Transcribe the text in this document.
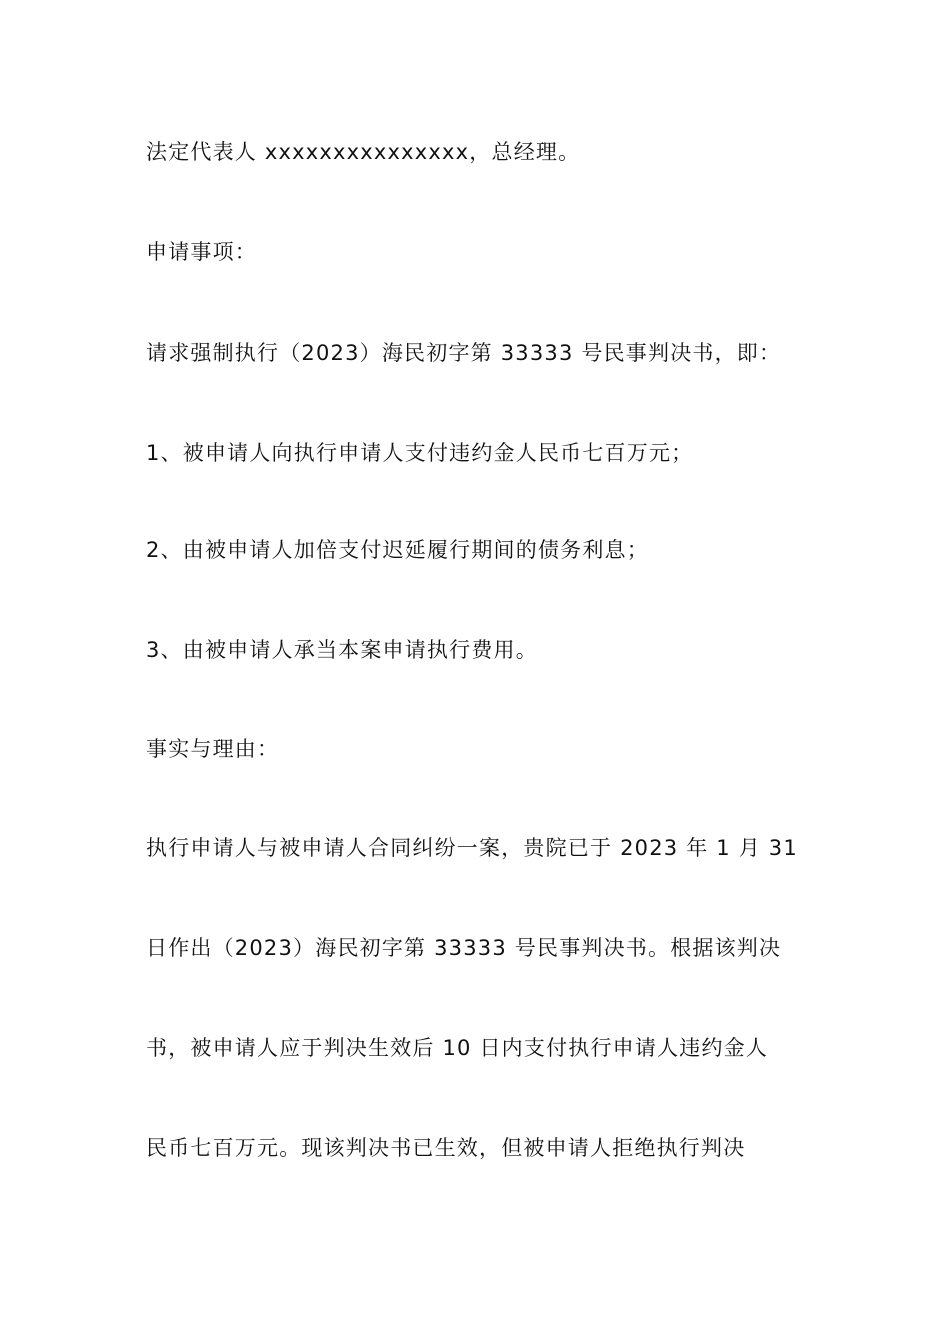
法定代表人 xxxxxxxxxxxxxxx，总经理。
申请事项：
请求强制执行（2023）海民初字第 33333 号民事判决书，即：
1、被申请人向执行申请人支付违约金人民币七百万元；
2、由被申请人加倍支付迟延履行期间的债务利息；
3、由被申请人承当本案申请执行费用。
事实与理由：
执行申请人与被申请人合同纠纷一案，贵院已于 2023 年 1 月 31
日作出（2023）海民初字第 33333 号民事判决书。根据该判决
书，被申请人应于判决生效后 10 日内支付执行申请人违约金人
民币七百万元。现该判决书已生效，但被申请人拒绝执行判决
